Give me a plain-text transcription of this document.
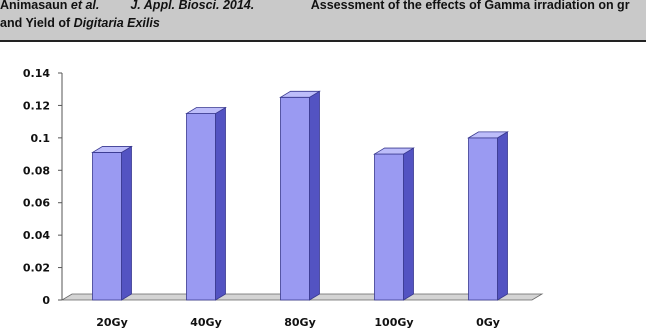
Animasaun et al. J. Appl. Biosci. 2014.	Assessment of the effects of Gamma irradiation on gr
and Yield of Digitaria Exilis
0
0.02
0.04
0.06
0.08
0.1
0.12
0.14
20Gy	40Gy	80Gy	100Gy	0Gy
